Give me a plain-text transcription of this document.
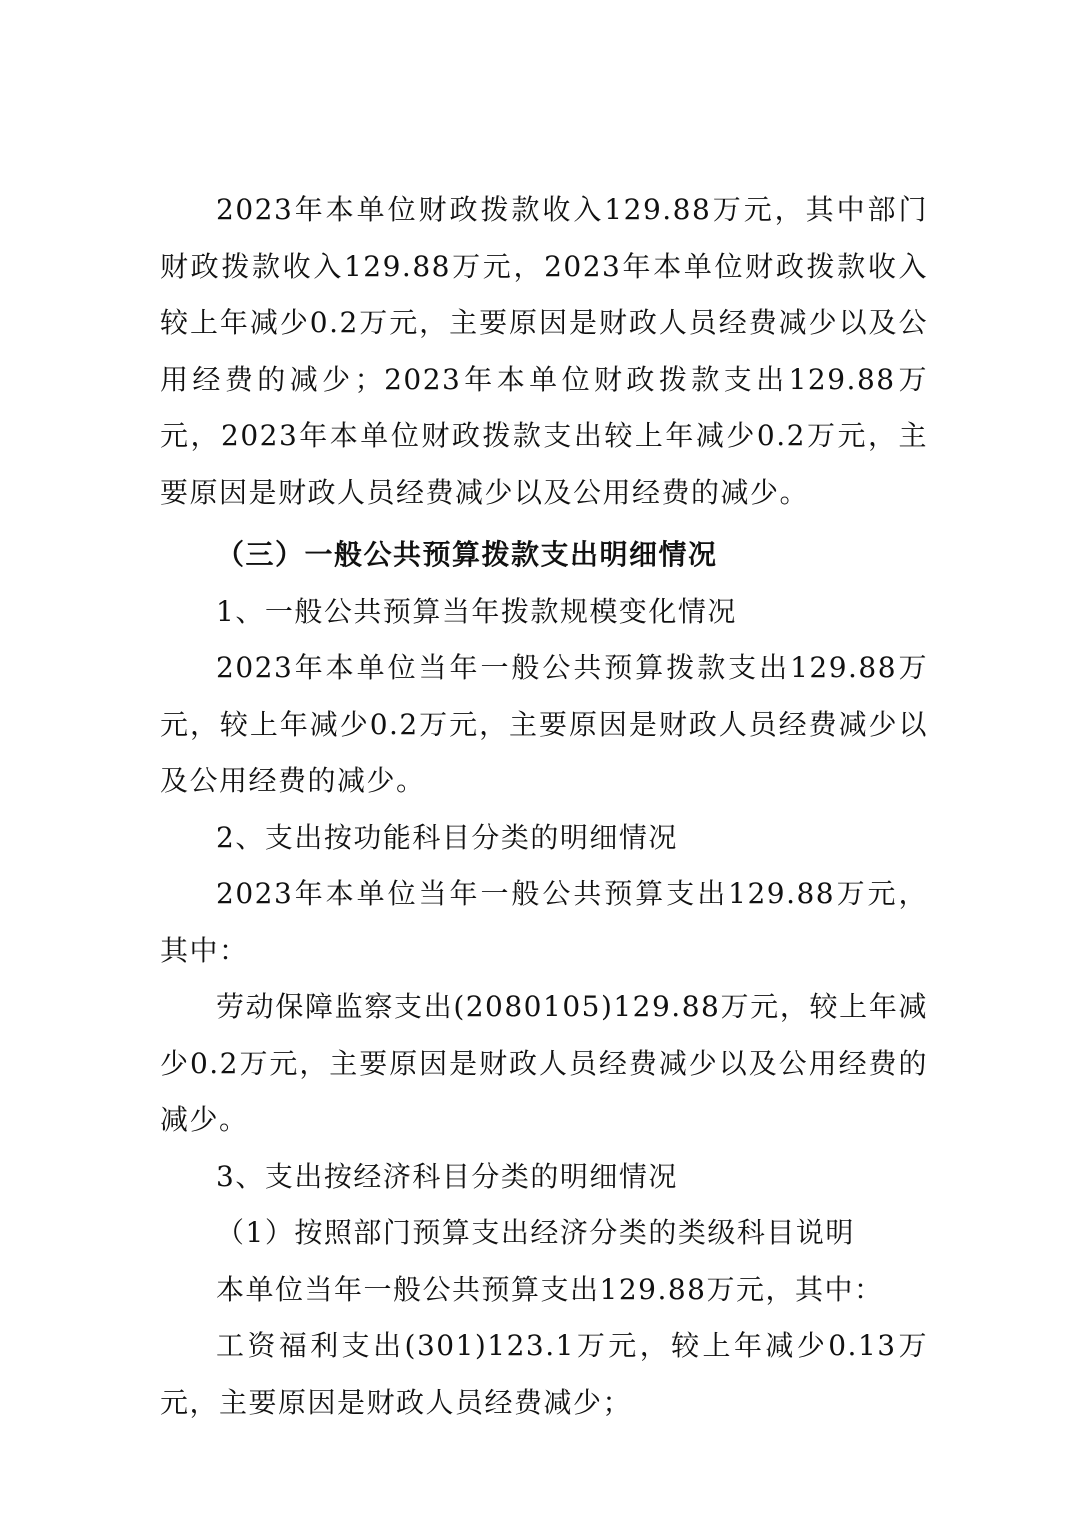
2023年本单位财政拨款收入129.88万元，其中部门财政拨款收入129.88万元，2023年本单位财政拨款收入较上年减少0.2万元，主要原因是财政人员经费减少以及公用经费的减少；2023年本单位财政拨款支出129.88万元，2023年本单位财政拨款支出较上年减少0.2万元，主要原因是财政人员经费减少以及公用经费的减少。

（三）一般公共预算拨款支出明细情况

1、一般公共预算当年拨款规模变化情况

2023年本单位当年一般公共预算拨款支出129.88万元，较上年减少0.2万元，主要原因是财政人员经费减少以及公用经费的减少。

2、支出按功能科目分类的明细情况

2023年本单位当年一般公共预算支出129.88万元，其中：

劳动保障监察支出(2080105)129.88万元，较上年减少0.2万元，主要原因是财政人员经费减少以及公用经费的减少。

3、支出按经济科目分类的明细情况

（1）按照部门预算支出经济分类的类级科目说明

本单位当年一般公共预算支出129.88万元，其中：

工资福利支出(301)123.1万元，较上年减少0.13万元，主要原因是财政人员经费减少；
